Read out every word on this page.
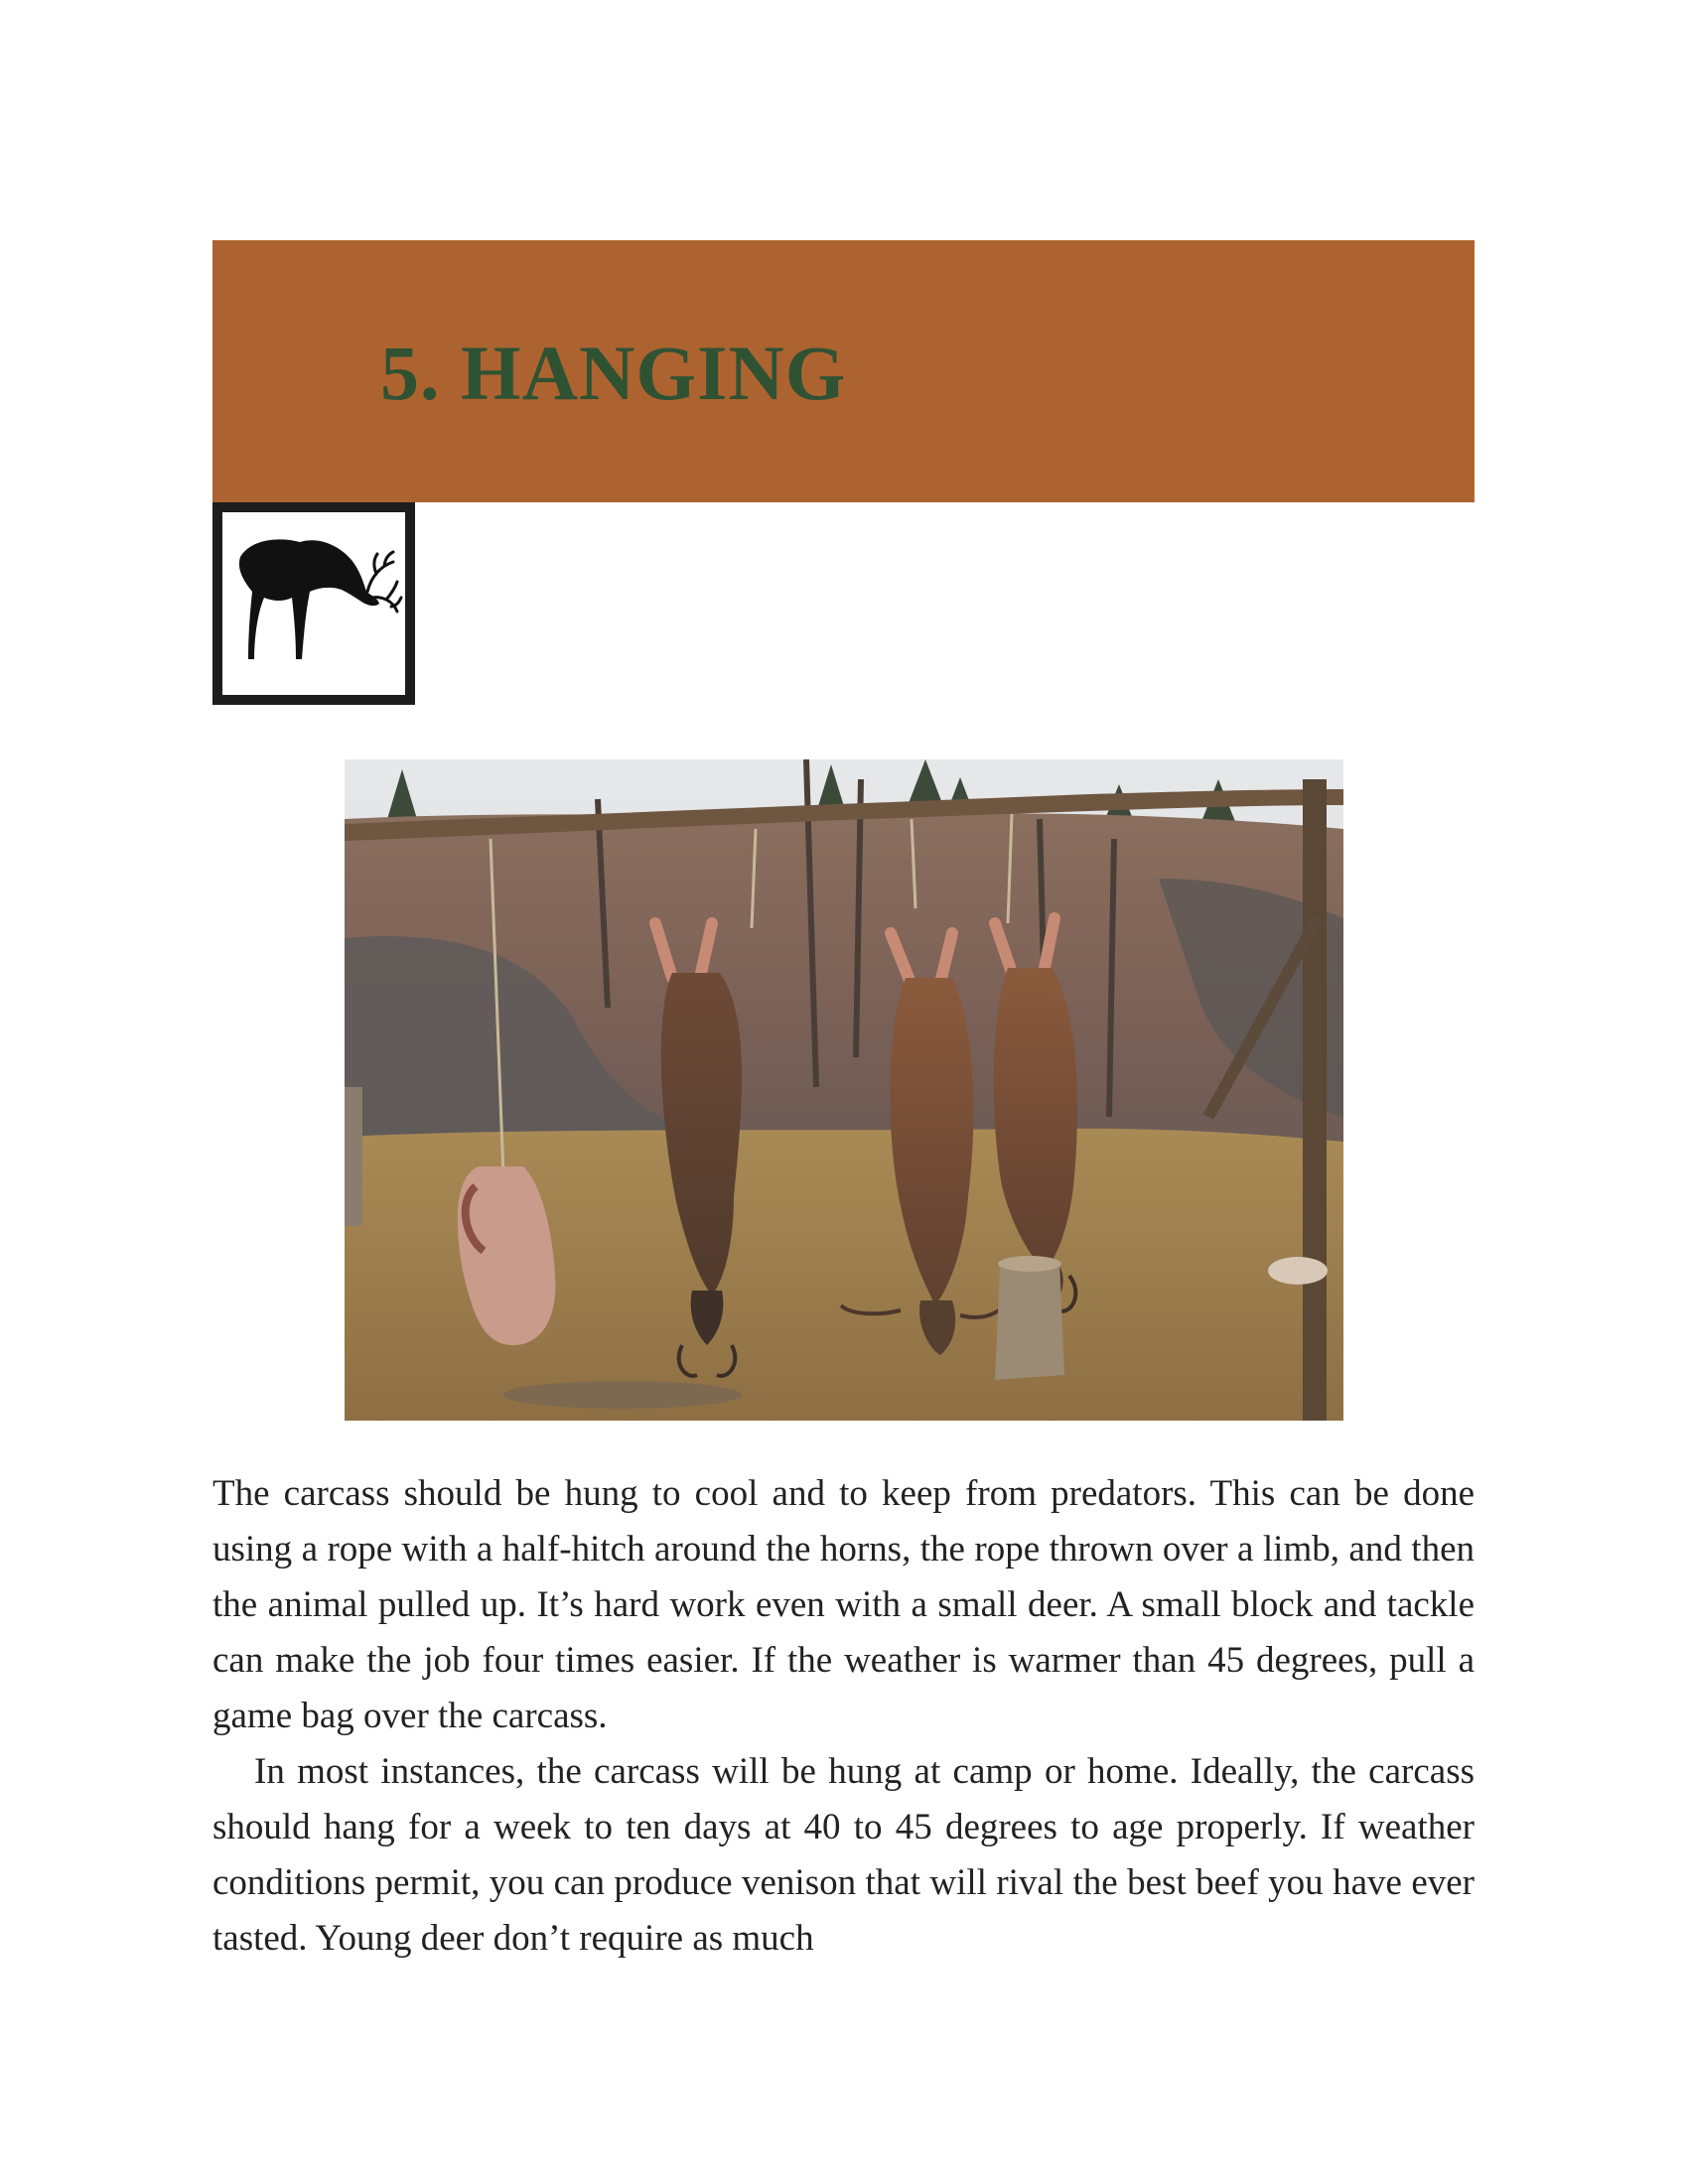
5. HANGING

The carcass should be hung to cool and to keep from predators. This can be done using a rope with a half-hitch around the horns, the rope thrown over a limb, and then the animal pulled up. It’s hard work even with a small deer. A small block and tackle can make the job four times easier. If the weather is warmer than 45 degrees, pull a game bag over the carcass.

In most instances, the carcass will be hung at camp or home. Ideally, the carcass should hang for a week to ten days at 40 to 45 degrees to age properly. If weather conditions permit, you can produce venison that will rival the best beef you have ever tasted. Young deer don’t require as much
